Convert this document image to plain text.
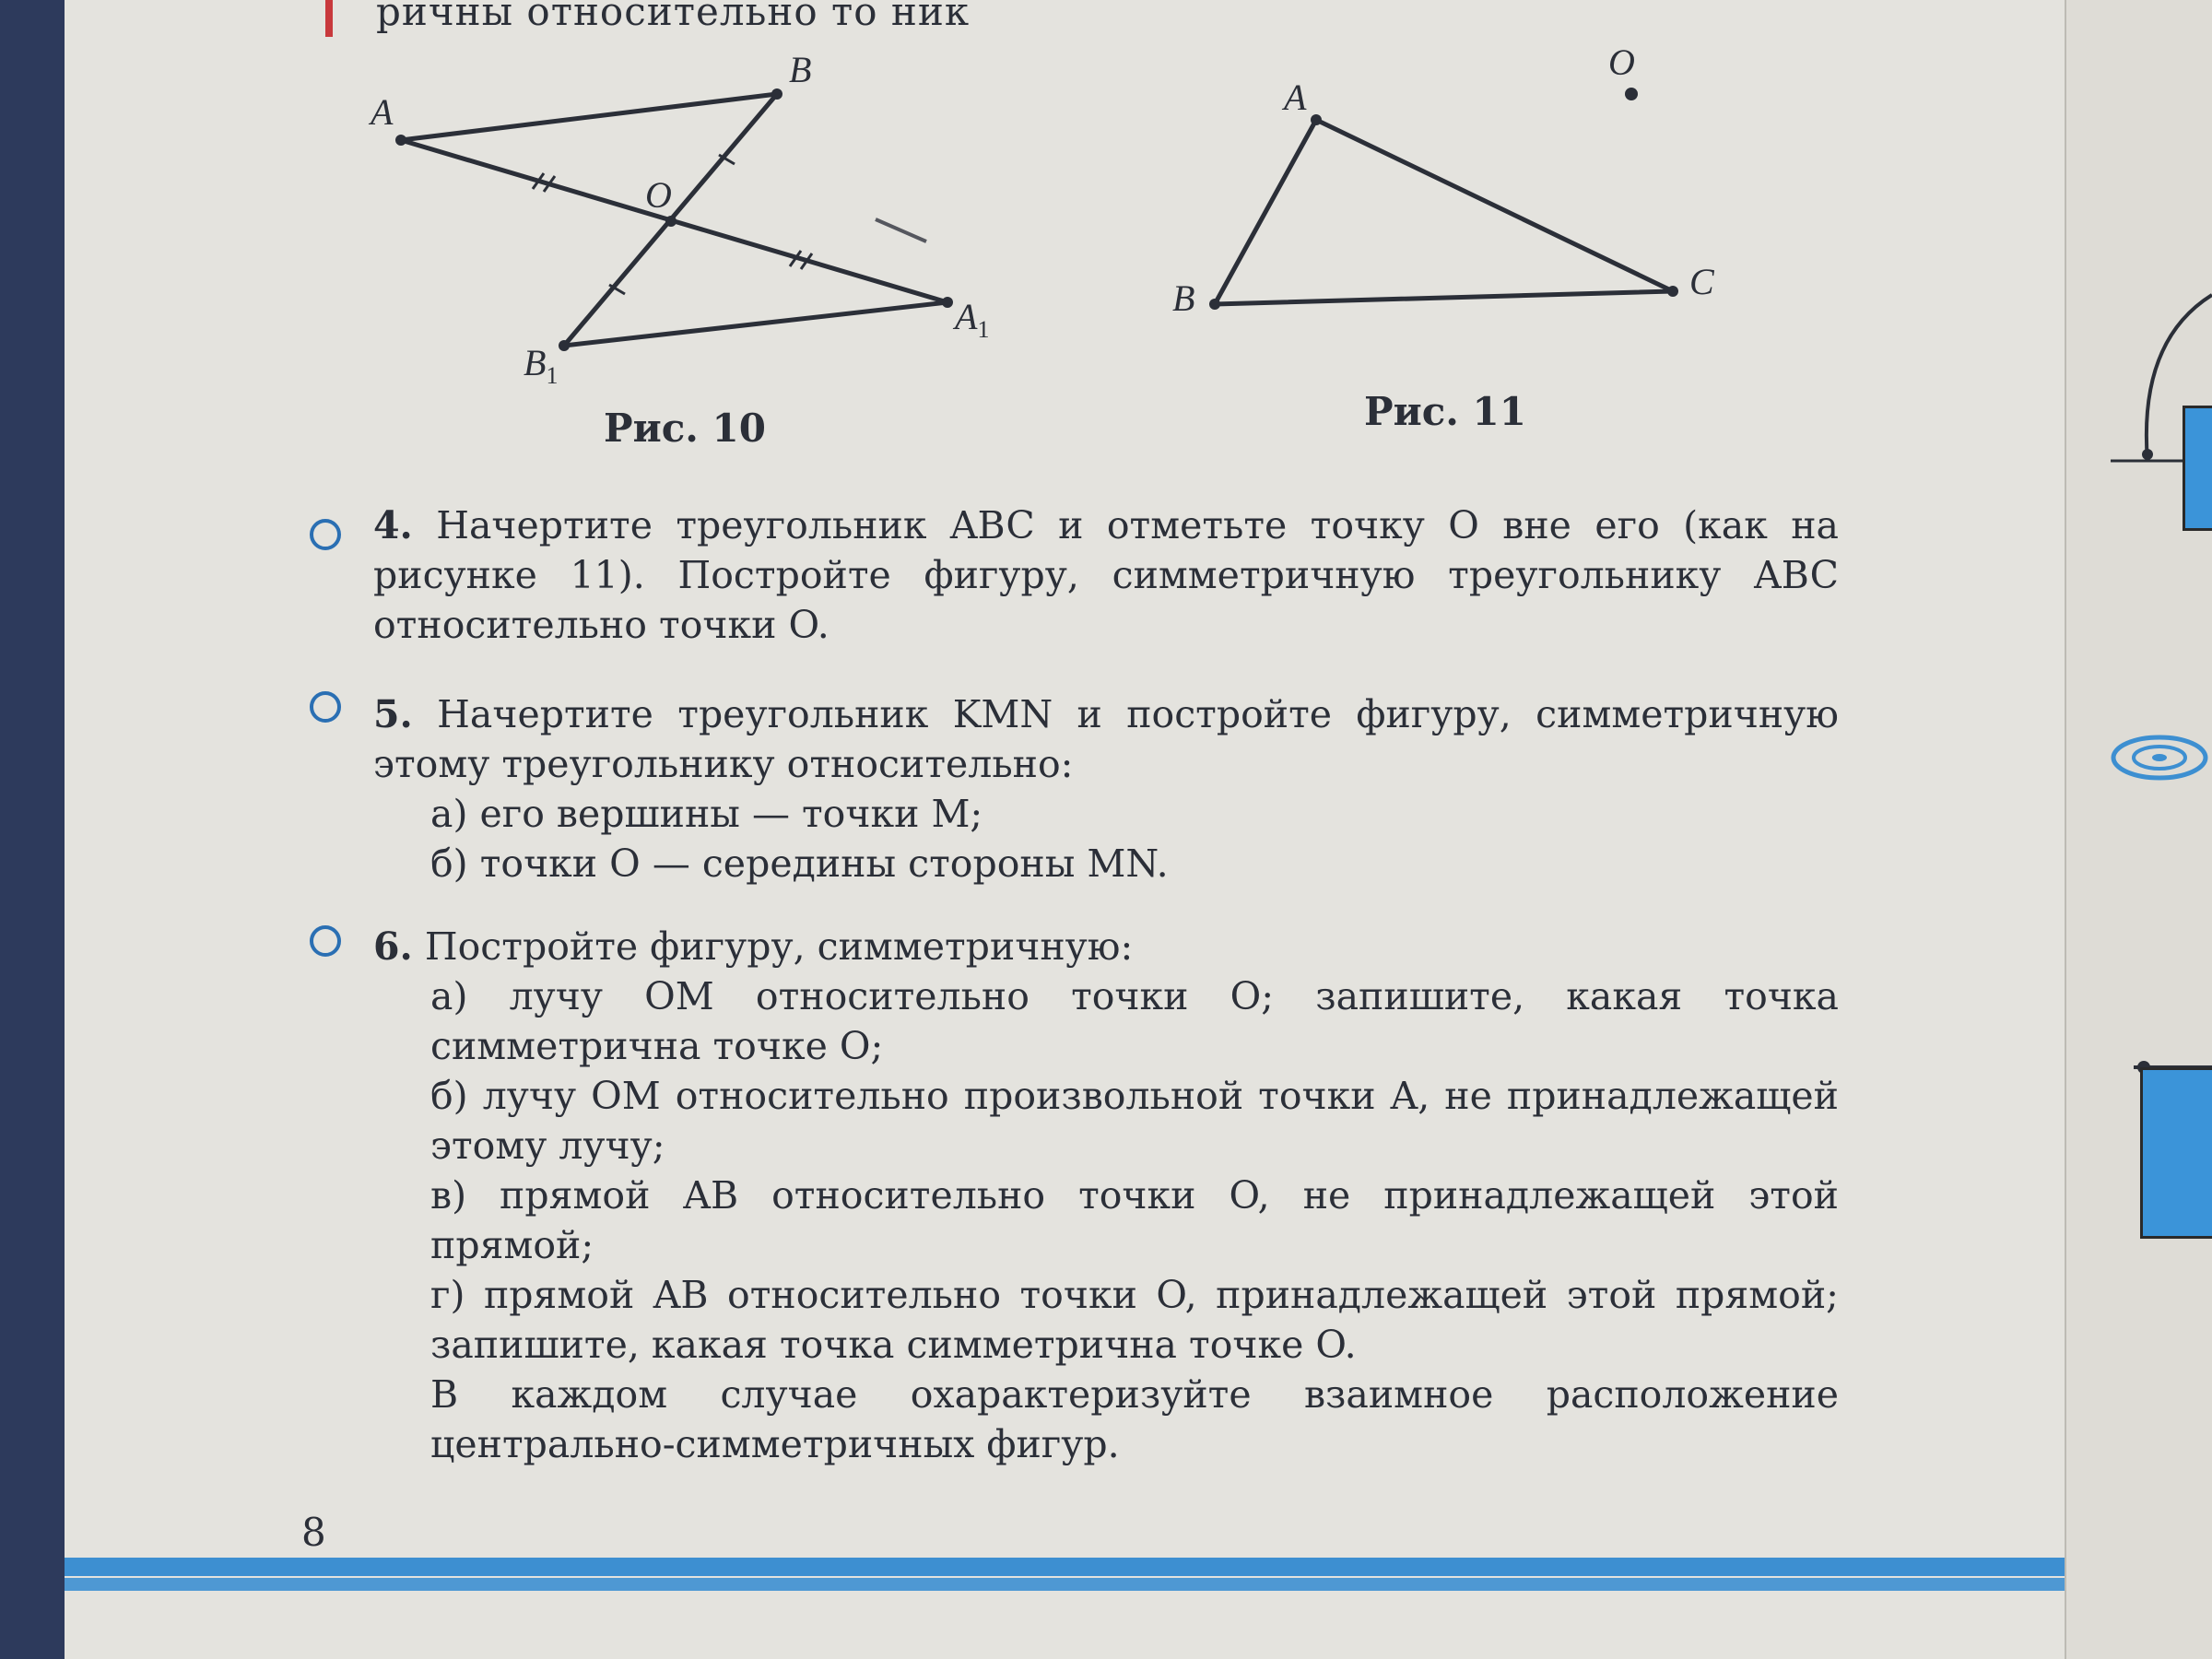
ричны относительно то ник
A
B
O
$A_1$
$B_1$
Рис. 10
A
B	C
O
Рис. 11
4. Начертите треугольник ABC и отметьте точку O вне его (как на рисунке 11). Постройте фигуру, симметричную треугольнику ABC относительно точки O.
5. Начертите треугольник KMN и постройте фигуру, симметричную этому треугольнику относительно:
а) его вершины — точки M;
б) точки O — середины стороны MN.
6. Постройте фигуру, симметричную:
а) лучу OM относительно точки O; запишите, какая точка симметрична точке O;
б) лучу OM относительно произвольной точки A, не принадлежащей этому лучу;
в) прямой AB относительно точки O, не принадлежащей этой прямой;
г) прямой AB относительно точки O, принадлежащей этой прямой; запишите, какая точка симметрична точке O.
В каждом случае охарактеризуйте взаимное расположение центрально-симметричных фигур.
8
